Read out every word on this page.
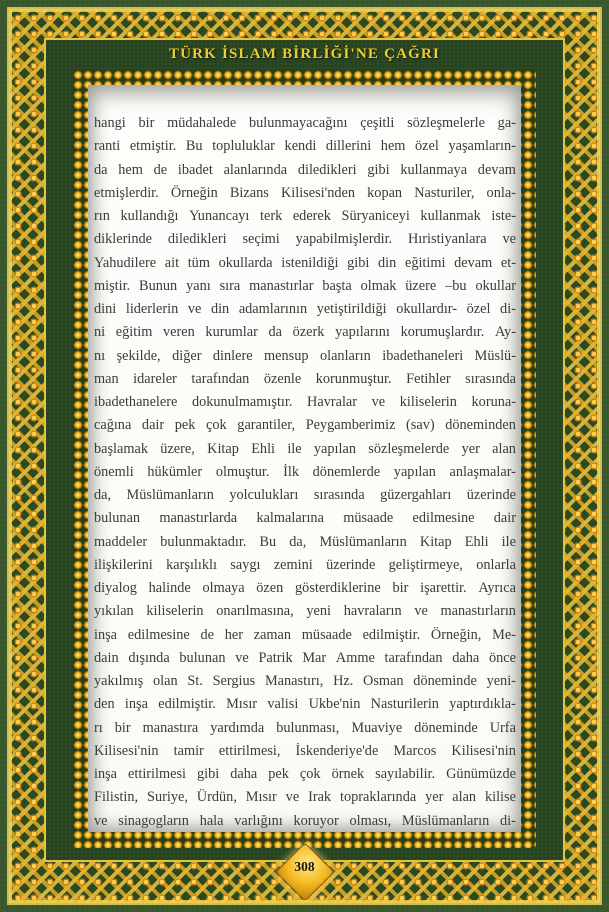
TÜRK İSLAM BİRLİĞİ'NE ÇAĞRI
hangi bir müdahalede bulunmayacağını çeşitli sözleşmelerle ga-
ranti etmiştir. Bu topluluklar kendi dillerini hem özel yaşamların-
da hem de ibadet alanlarında diledikleri gibi kullanmaya devam
etmişlerdir. Örneğin Bizans Kilisesi'nden kopan Nasturiler, onla-
rın kullandığı Yunancayı terk ederek Süryaniceyi kullanmak iste-
diklerinde diledikleri seçimi yapabilmişlerdir. Hıristiyanlara ve
Yahudilere ait tüm okullarda istenildiği gibi din eğitimi devam et-
miştir. Bunun yanı sıra manastırlar başta olmak üzere –bu okullar
dini liderlerin ve din adamlarının yetiştirildiği okullardır- özel di-
ni eğitim veren kurumlar da özerk yapılarını korumuşlardır. Ay-
nı şekilde, diğer dinlere mensup olanların ibadethaneleri Müslü-
man idareler tarafından özenle korunmuştur. Fetihler sırasında
ibadethanelere dokunulmamıştır. Havralar ve kiliselerin koruna-
cağına dair pek çok garantiler, Peygamberimiz (sav) döneminden
başlamak üzere, Kitap Ehli ile yapılan sözleşmelerde yer alan
önemli hükümler olmuştur. İlk dönemlerde yapılan anlaşmalar-
da, Müslümanların yolculukları sırasında güzergahları üzerinde
bulunan manastırlarda kalmalarına müsaade edilmesine dair
maddeler bulunmaktadır. Bu da, Müslümanların Kitap Ehli ile
ilişkilerini karşılıklı saygı zemini üzerinde geliştirmeye, onlarla
diyalog halinde olmaya özen gösterdiklerine bir işarettir. Ayrıca
yıkılan kiliselerin onarılmasına, yeni havraların ve manastırların
inşa edilmesine de her zaman müsaade edilmiştir. Örneğin, Me-
dain dışında bulunan ve Patrik Mar Amme tarafından daha önce
yakılmış olan St. Sergius Manastırı, Hz. Osman döneminde yeni-
den inşa edilmiştir. Mısır valisi Ukbe'nin Nasturilerin yaptırdıkla-
rı bir manastıra yardımda bulunması, Muaviye döneminde Urfa
Kilisesi'nin tamir ettirilmesi, İskenderiye'de Marcos Kilisesi'nin
inşa ettirilmesi gibi daha pek çok örnek sayılabilir. Günümüzde
Filistin, Suriye, Ürdün, Mısır ve Irak topraklarında yer alan kilise
ve sinagogların hala varlığını koruyor olması, Müslümanların di-
308
